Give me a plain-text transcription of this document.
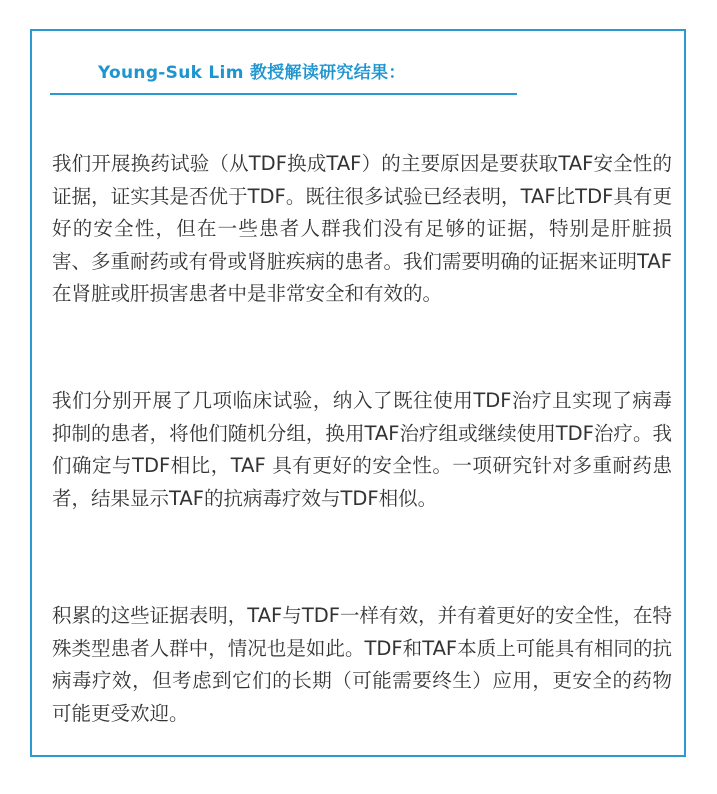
Young-Suk Lim 教授解读研究结果：

我们开展换药试验（从TDF换成TAF）的主要原因是要获取TAF安全性的证据，证实其是否优于TDF。既往很多试验已经表明，TAF比TDF具有更好的安全性，但在一些患者人群我们没有足够的证据，特别是肝脏损害、多重耐药或有骨或肾脏疾病的患者。我们需要明确的证据来证明TAF在肾脏或肝损害患者中是非常安全和有效的。

我们分别开展了几项临床试验，纳入了既往使用TDF治疗且实现了病毒抑制的患者，将他们随机分组，换用TAF治疗组或继续使用TDF治疗。我们确定与TDF相比，TAF 具有更好的安全性。一项研究针对多重耐药患者，结果显示TAF的抗病毒疗效与TDF相似。

积累的这些证据表明，TAF与TDF一样有效，并有着更好的安全性，在特殊类型患者人群中，情况也是如此。TDF和TAF本质上可能具有相同的抗病毒疗效，但考虑到它们的长期（可能需要终生）应用，更安全的药物可能更受欢迎。
